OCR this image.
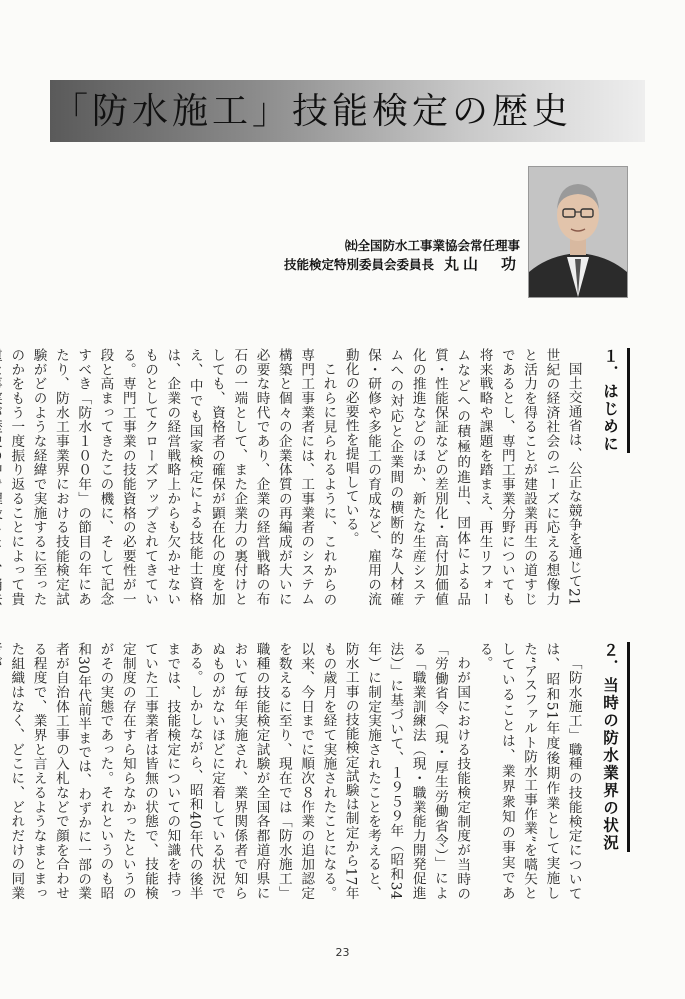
「防水施工」技能検定の歴史
㈳全国防水工事業協会常任理事
技能検定特別委員会委員長 丸山　功

１．はじめに

国土交通省は、公正な競争を通じて21世紀の経済社会のニーズに応える想像力と活力を得ることが建設業再生の道すじであるとし、専門工事業分野についても将来戦略や課題を踏まえ、再生リフォームなどへの積極的進出、団体による品質・性能保証などの差別化・高付加価値化の推進などのほか、新たな生産システムへの対応と企業間の横断的な人材確保・研修や多能工の育成など、雇用の流動化の必要性を提唱している。

これらに見られるように、これからの専門工事業者には、工事業者のシステム構築と個々の企業体質の再編成が大いに必要な時代であり、企業の経営戦略の布石の一端として、また企業力の裏付けとしても、資格者の確保が顕在化の度を加え、中でも国家検定による技能士資格は、企業の経営戦略上からも欠かせないものとしてクローズアップされてきている。専門工事業の技能資格の必要性が一段と高まってきたこの機に、そして記念すべき「防水１００年」の節目の年にあたり、防水工事業界における技能検定試験がどのような経緯で実施するに至ったのかをもう一度振り返ることによって貴

２．当時の防水業界の状況

「防水施工」職種の技能検定については、昭和51年度後期作業として実施した“アスファルト防水工事作業”を嚆矢としていることは、業界衆知の事実である。

わが国における技能検定制度が当時の「労働省令（現・厚生労働省令）」による「職業訓練法（現・職業能力開発促進法）」に基づいて、１９５９年（昭和34年）に制定実施されたことを考えると、防水工事の技能検定試験は制定から17年もの歳月を経て実施されたことになる。以来、今日までに順次８作業の追加認定を数えるに至り、現在では「防水施工」職種の技能検定試験が全国各都道府県において毎年実施され、業界関係者で知らぬものがないほどに定着している状況である。しかしながら、昭和40年代の後半までは、技能検定についての知識を持っていた工事業者は皆無の状態で、技能検定制度の存在すら知らなかったというのがその実態であった。それというのも昭和30年代前半までは、わずかに一部の業者が自治体工事の入札などで顔を合わせる程度で、業界と言えるようなまとまった組織はなく、どこに、どれだけの同業

23
